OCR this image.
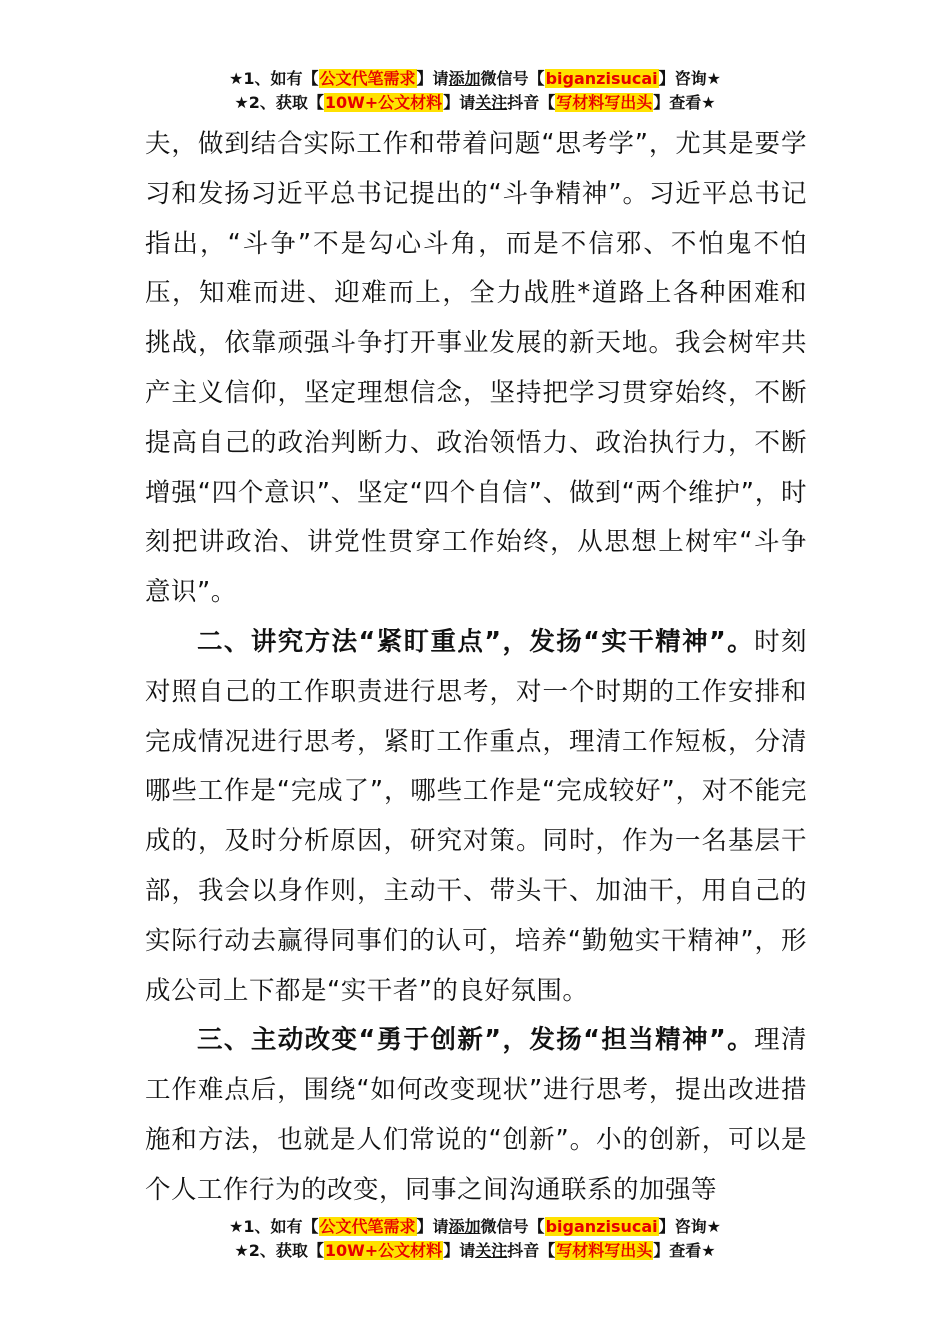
★1、如有【公文代笔需求】请添加微信号【biganzisucai】咨询★
★2、获取【10W+公文材料】请关注抖音【写材料写出头】查看★

夫，做到结合实际工作和带着问题“思考学”，尤其是要学习和发扬习近平总书记提出的“斗争精神”。习近平总书记指出，“斗争”不是勾心斗角，而是不信邪、不怕鬼不怕压，知难而进、迎难而上，全力战胜*道路上各种困难和挑战，依靠顽强斗争打开事业发展的新天地。我会树牢共产主义信仰，坚定理想信念，坚持把学习贯穿始终，不断提高自己的政治判断力、政治领悟力、政治执行力，不断增强“四个意识”、坚定“四个自信”、做到“两个维护”，时刻把讲政治、讲党性贯穿工作始终，从思想上树牢“斗争意识”。

二、讲究方法“紧盯重点”，发扬“实干精神”。时刻对照自己的工作职责进行思考，对一个时期的工作安排和完成情况进行思考，紧盯工作重点，理清工作短板，分清哪些工作是“完成了”，哪些工作是“完成较好”，对不能完成的，及时分析原因，研究对策。同时，作为一名基层干部，我会以身作则，主动干、带头干、加油干，用自己的实际行动去赢得同事们的认可，培养“勤勉实干精神”，形成公司上下都是“实干者”的良好氛围。

三、主动改变“勇于创新”，发扬“担当精神”。理清工作难点后，围绕“如何改变现状”进行思考，提出改进措施和方法，也就是人们常说的“创新”。小的创新，可以是个人工作行为的改变，同事之间沟通联系的加强等

★1、如有【公文代笔需求】请添加微信号【biganzisucai】咨询★
★2、获取【10W+公文材料】请关注抖音【写材料写出头】查看★
